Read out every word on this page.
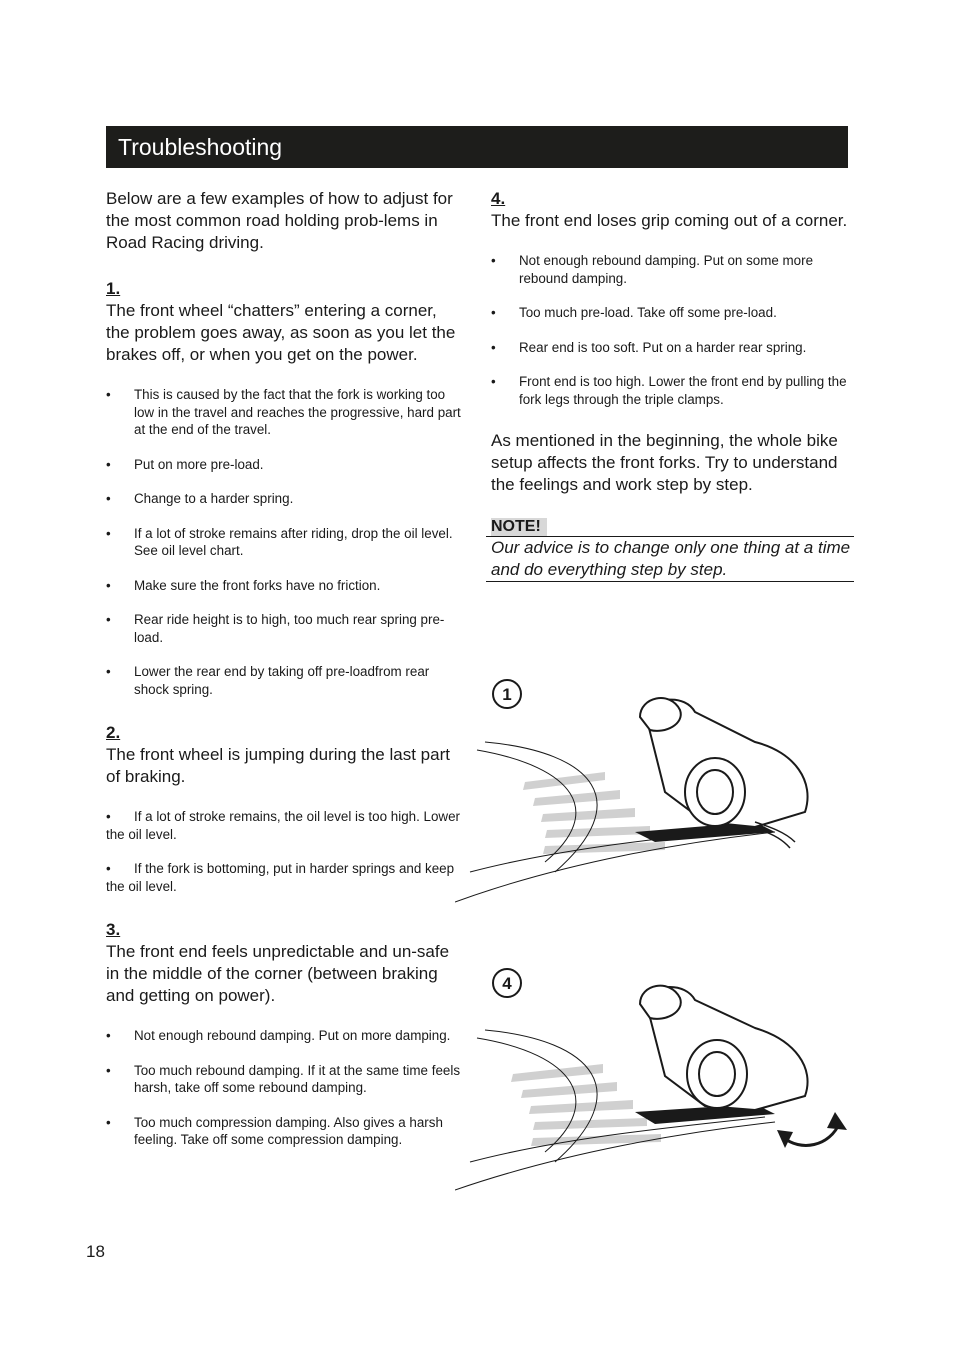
Troubleshooting

Below are a few examples of how to adjust for the most common road holding prob-lems in Road Racing driving.

1.

The front wheel “chatters” entering a corner, the problem goes away, as soon as you let the brakes off, or when you get on the power.

• This is caused by the fact that the fork is working too low in the travel and reaches the progressive, hard part at the end of the travel.
• Put on more pre-load.
• Change to a harder spring.
• If a lot of stroke remains after riding, drop the oil level. See oil level chart.
• Make sure the front forks have no friction.
• Rear ride height is to high, too much rear spring pre-load.
• Lower the rear end by taking off pre-loadfrom rear shock spring.

2.

The front wheel is jumping during the last part of braking.

• If a lot of stroke remains, the oil level is too high. Lower the oil level.
• If the fork is bottoming, put in harder springs and keep the oil level.

3.

The front end feels unpredictable and un-safe in the middle of the corner (between braking and getting on power).

• Not enough rebound damping. Put on more damping.
• Too much rebound damping. If it at the same time feels harsh, take off some rebound damping.
• Too much compression damping. Also gives a harsh feeling. Take off some compression damping.

4.

The front end loses grip coming out of a corner.

• Not enough rebound damping. Put on some more rebound damping.
• Too much pre-load. Take off some pre-load.
• Rear end is too soft. Put on a harder rear spring.
• Front end is too high. Lower the front end by pulling the fork legs through the triple clamps.

As mentioned in the beginning, the whole bike setup affects the front forks. Try to understand the feelings and work step by step.

NOTE!
Our advice is to change only one thing at a time and do everything step by step.
1
4
18
